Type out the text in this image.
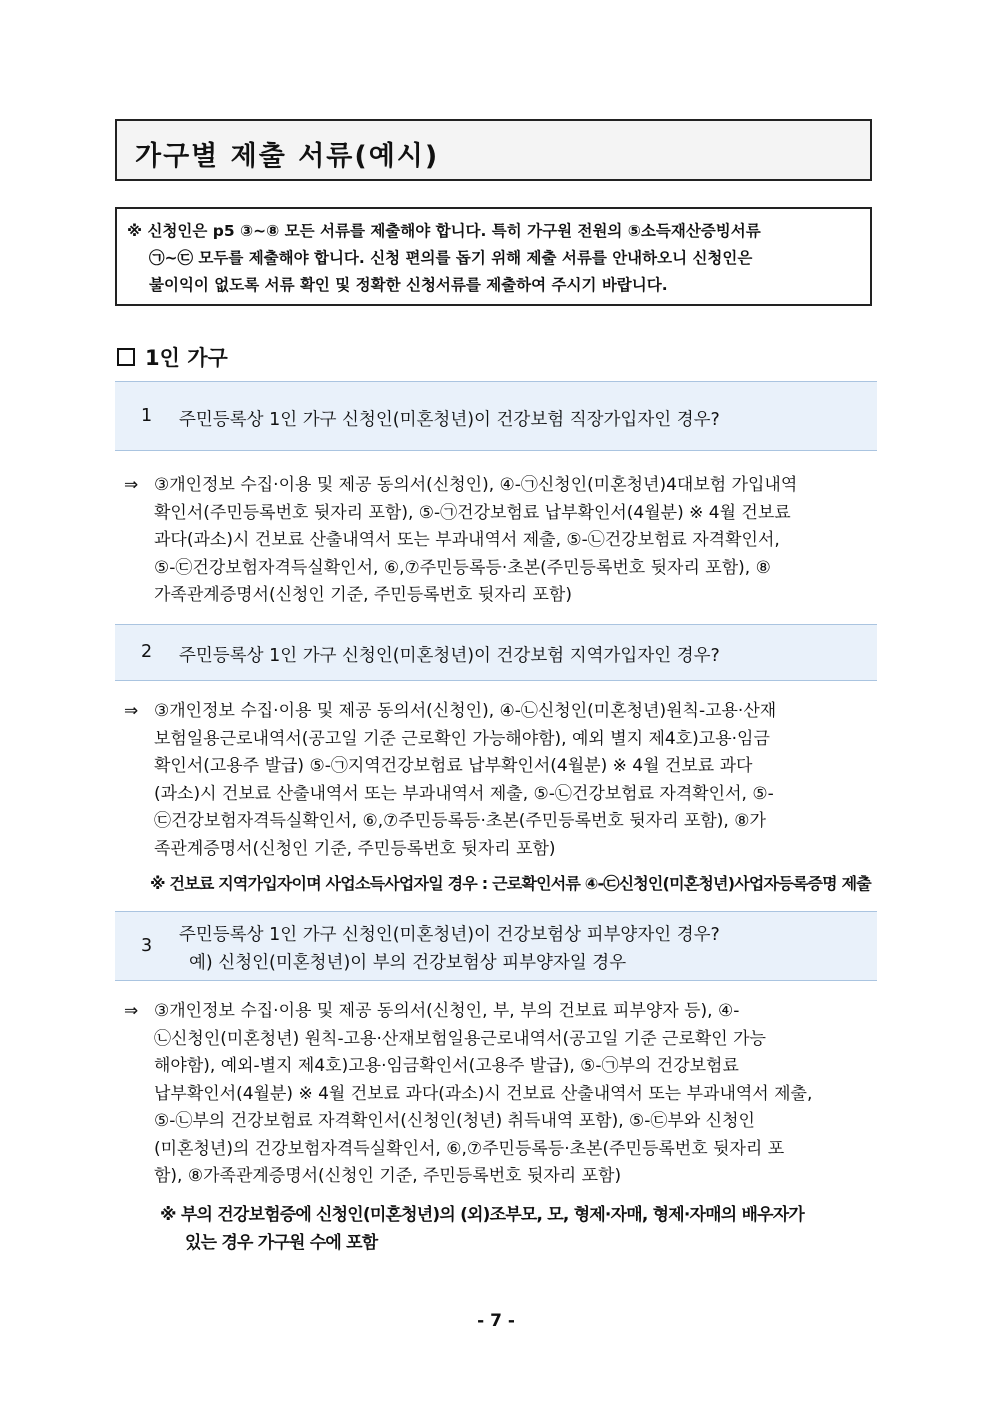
가구별 제출 서류(예시)
※ 신청인은 p5 ③~⑧ 모든 서류를 제출해야 합니다. 특히 가구원 전원의 ⑤소득재산증빙서류
㉠~㉢ 모두를 제출해야 합니다. 신청 편의를 돕기 위해 제출 서류를 안내하오니 신청인은
불이익이 없도록 서류 확인 및 정확한 신청서류를 제출하여 주시기 바랍니다.
1인 가구
1 주민등록상 1인 가구 신청인(미혼청년)이 건강보험 직장가입자인 경우?
⇒ ③개인정보 수집·이용 및 제공 동의서(신청인), ④-㉠신청인(미혼청년)4대보험 가입내역
확인서(주민등록번호 뒷자리 포함), ⑤-㉠건강보험료 납부확인서(4월분) ※ 4월 건보료
과다(과소)시 건보료 산출내역서 또는 부과내역서 제출, ⑤-㉡건강보험료 자격확인서,
⑤-㉢건강보험자격득실확인서, ⑥,⑦주민등록등·초본(주민등록번호 뒷자리 포함), ⑧
가족관계증명서(신청인 기준, 주민등록번호 뒷자리 포함)
2 주민등록상 1인 가구 신청인(미혼청년)이 건강보험 지역가입자인 경우?
⇒ ③개인정보 수집·이용 및 제공 동의서(신청인), ④-㉡신청인(미혼청년)원칙-고용·산재
보험일용근로내역서(공고일 기준 근로확인 가능해야함), 예외 별지 제4호)고용·임금
확인서(고용주 발급) ⑤-㉠지역건강보험료 납부확인서(4월분) ※ 4월 건보료 과다
(과소)시 건보료 산출내역서 또는 부과내역서 제출, ⑤-㉡건강보험료 자격확인서, ⑤-
㉢건강보험자격득실확인서, ⑥,⑦주민등록등·초본(주민등록번호 뒷자리 포함), ⑧가
족관계증명서(신청인 기준, 주민등록번호 뒷자리 포함)
※ 건보료 지역가입자이며 사업소득사업자일 경우 : 근로확인서류 ④-㉢신청인(미혼청년)사업자등록증명 제출
3
주민등록상 1인 가구 신청인(미혼청년)이 건강보험상 피부양자인 경우?
예) 신청인(미혼청년)이 부의 건강보험상 피부양자일 경우
⇒ ③개인정보 수집·이용 및 제공 동의서(신청인, 부, 부의 건보료 피부양자 등), ④-
㉡신청인(미혼청년) 원칙-고용·산재보험일용근로내역서(공고일 기준 근로확인 가능
해야함), 예외-별지 제4호)고용·임금확인서(고용주 발급), ⑤-㉠부의 건강보험료
납부확인서(4월분) ※ 4월 건보료 과다(과소)시 건보료 산출내역서 또는 부과내역서 제출,
⑤-㉡부의 건강보험료 자격확인서(신청인(청년) 취득내역 포함), ⑤-㉢부와 신청인
(미혼청년)의 건강보험자격득실확인서, ⑥,⑦주민등록등·초본(주민등록번호 뒷자리 포
함), ⑧가족관계증명서(신청인 기준, 주민등록번호 뒷자리 포함)
※ 부의 건강보험증에 신청인(미혼청년)의 (외)조부모, 모, 형제·자매, 형제·자매의 배우자가
있는 경우 가구원 수에 포함
- 7 -
